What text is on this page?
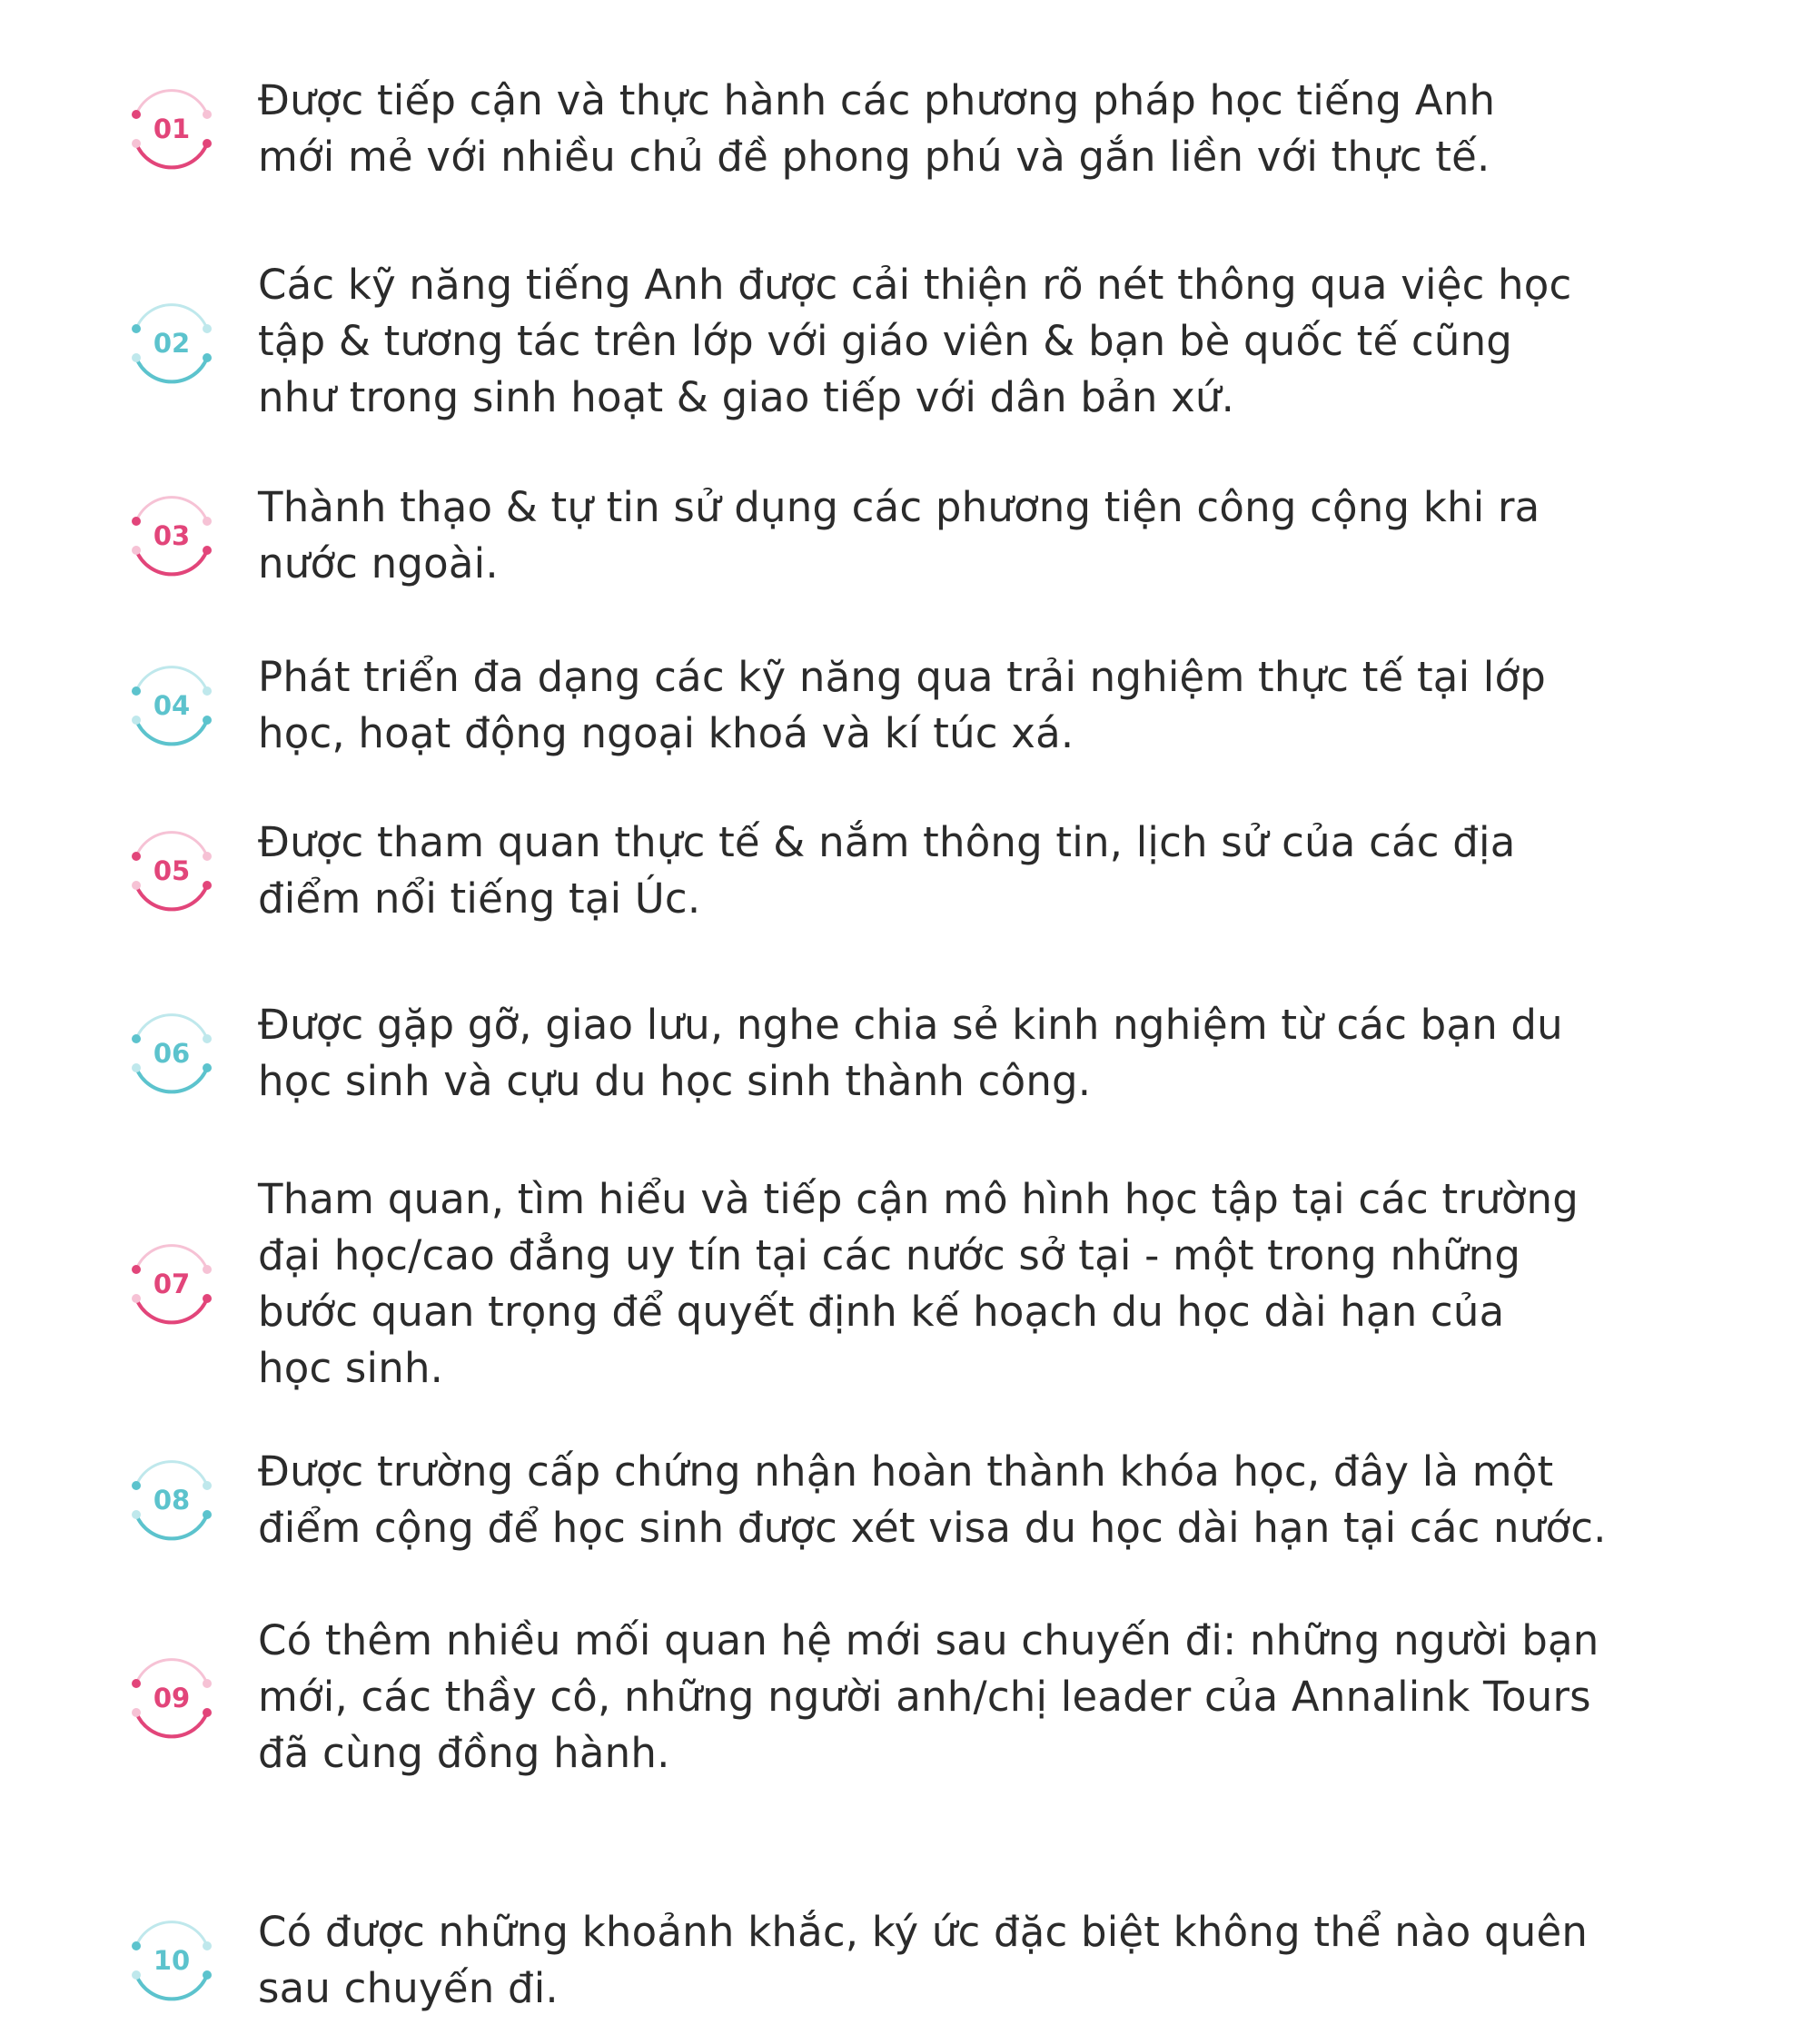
01

Được tiếp cận và thực hành các phương pháp học tiếng Anh
mới mẻ với nhiều chủ đề phong phú và gắn liền với thực tế.

02

Các kỹ năng tiếng Anh được cải thiện rõ nét thông qua việc học
tập & tương tác trên lớp với giáo viên & bạn bè quốc tế cũng
như trong sinh hoạt & giao tiếp với dân bản xứ.

03

Thành thạo & tự tin sử dụng các phương tiện công cộng khi ra
nước ngoài.

04

Phát triển đa dạng các kỹ năng qua trải nghiệm thực tế tại lớp
học, hoạt động ngoại khoá và kí túc xá.

05

Được tham quan thực tế & nắm thông tin, lịch sử của các địa
điểm nổi tiếng tại Úc.

06

Được gặp gỡ, giao lưu, nghe chia sẻ kinh nghiệm từ các bạn du
học sinh và cựu du học sinh thành công.

07

Tham quan, tìm hiểu và tiếp cận mô hình học tập tại các trường
đại học/cao đẳng uy tín tại các nước sở tại - một trong những
bước quan trọng để quyết định kế hoạch du học dài hạn của
học sinh.

08

Được trường cấp chứng nhận hoàn thành khóa học, đây là một
điểm cộng để học sinh được xét visa du học dài hạn tại các nước.

09

Có thêm nhiều mối quan hệ mới sau chuyến đi: những người bạn
mới, các thầy cô, những người anh/chị leader của Annalink Tours
đã cùng đồng hành.

10

Có được những khoảnh khắc, ký ức đặc biệt không thể nào quên
sau chuyến đi.
